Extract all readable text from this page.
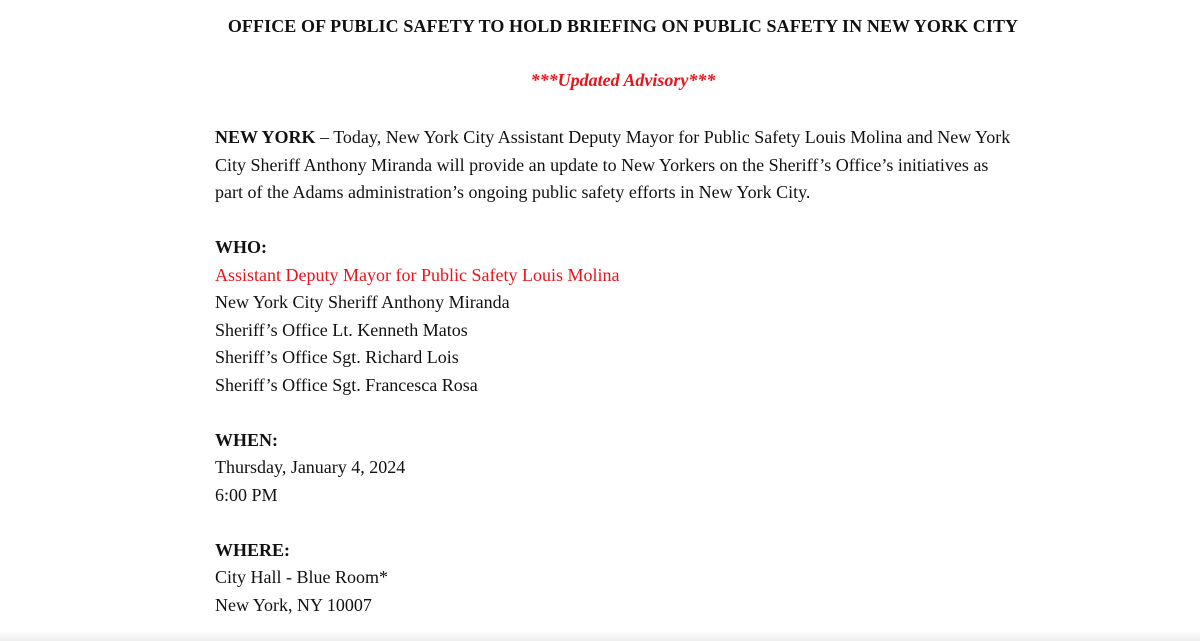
OFFICE OF PUBLIC SAFETY TO HOLD BRIEFING ON PUBLIC SAFETY IN NEW YORK CITY
***Updated Advisory***

NEW YORK – Today, New York City Assistant Deputy Mayor for Public Safety Louis Molina and New York City Sheriff Anthony Miranda will provide an update to New Yorkers on the Sheriff’s Office’s initiatives as part of the Adams administration’s ongoing public safety efforts in New York City.

WHO:
Assistant Deputy Mayor for Public Safety Louis Molina
New York City Sheriff Anthony Miranda
Sheriff’s Office Lt. Kenneth Matos
Sheriff’s Office Sgt. Richard Lois
Sheriff’s Office Sgt. Francesca Rosa
WHEN:
Thursday, January 4, 2024
6:00 PM
WHERE:
City Hall - Blue Room*
New York, NY 10007
